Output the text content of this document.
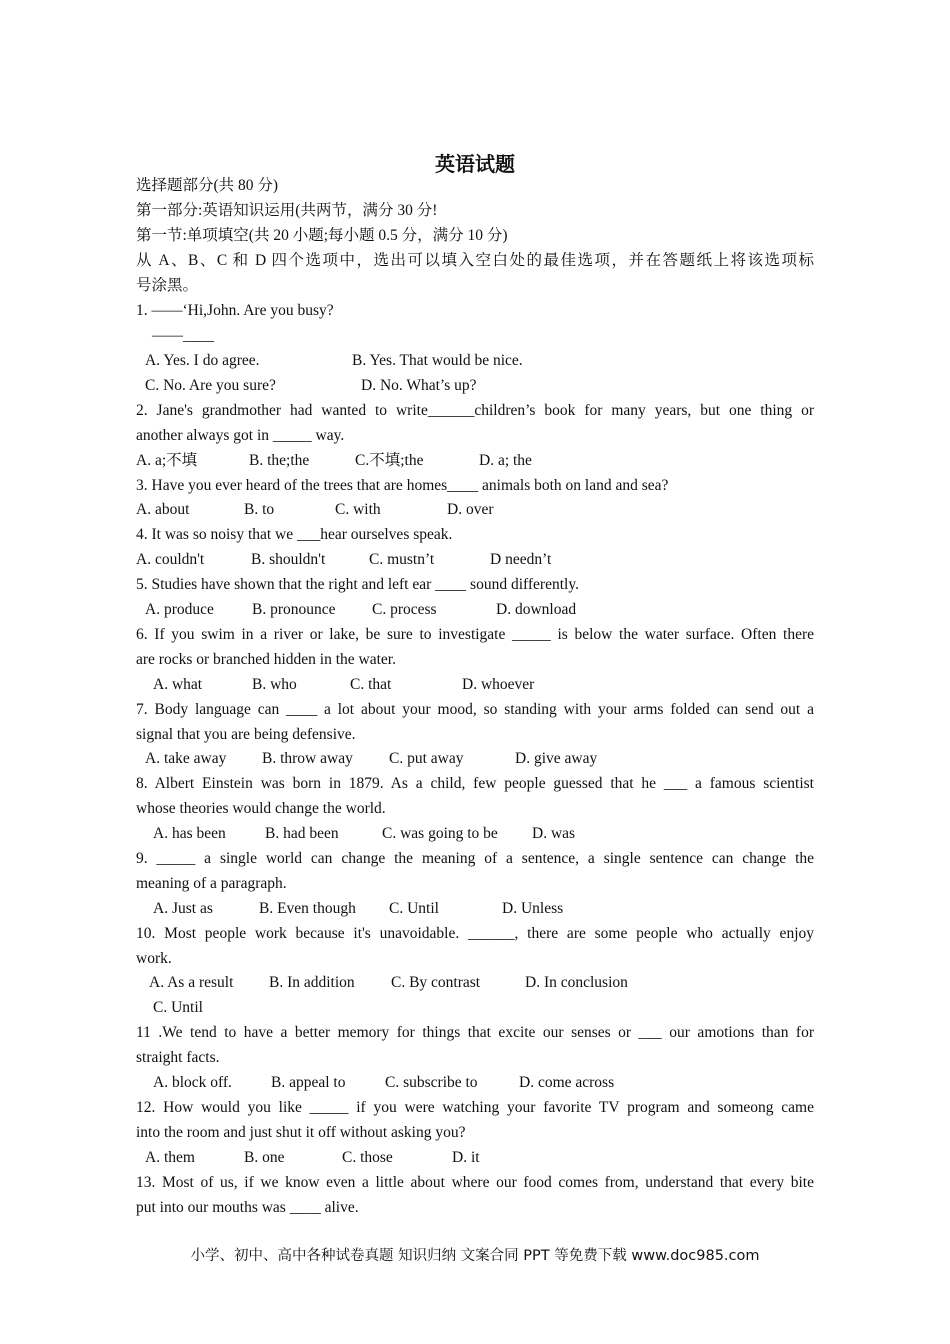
英语试题
选择题部分(共 80 分)
第一部分:英语知识运用(共两节，满分 30 分!
第一节:单项填空(共 20 小题;每小题 0.5 分，满分 10 分)
从 A、B、C 和 D 四个选项中，选出可以填入空白处的最佳选项，并在答题纸上将该选项标
号涂黑。
1. ——‘Hi,John. Are you busy?
——____
A. Yes. I do agree.	B. Yes. That would be nice.
C. No. Are you sure?	D. No. What’s up?
2. Jane's grandmother had wanted to write______children’s book for many years, but one thing or
another always got in _____ way.
A. a;不填	B. the;the	C.不填;the	D. a; the
3. Have you ever heard of the trees that are homes____ animals both on land and sea?
A. about	B. to	C. with	D. over
4. It was so noisy that we ___hear ourselves speak.
A. couldn't	B. shouldn't	C. mustn’t	D needn’t
5. Studies have shown that the right and left ear ____ sound differently.
A. produce B. pronounce C. process	D. download
6. If you swim in a river or lake, be sure to investigate _____ is below the water surface. Often there
are rocks or branched hidden in the water.
A. what	B. who	C. that	D. whoever
7. Body language can ____ a lot about your mood, so standing with your arms folded can send out a
signal that you are being defensive.
A. take away B. throw away C. put away	D. give away
8. Albert Einstein was born in 1879. As a child, few people guessed that he ___ a famous scientist
whose theories would change the world.
A. has been	B. had been	C. was going to be D. was
9. _____ a single world can change the meaning of a sentence, a single sentence can change the
meaning of a paragraph.
A. Just as	B. Even though C. Until	D. Unless
10. Most people work because it's unavoidable. ______, there are some people who actually enjoy
work.
A. As a result B. In addition C. By contrast	D. In conclusion
C. Until
11 .We tend to have a better memory for things that excite our senses or ___ our amotions than for
straight facts.
A. block off.	B. appeal to	C. subscribe to	D. come across
12. How would you like _____ if you were watching your favorite TV program and someong came
into the room and just shut it off without asking you?
A. them	B. one	C. those	D. it
13. Most of us, if we know even a little about where our food comes from, understand that every bite
put into our mouths was ____ alive.
小学、初中、高中各种试卷真题 知识归纳 文案合同 PPT 等免费下载 www.doc985.com
